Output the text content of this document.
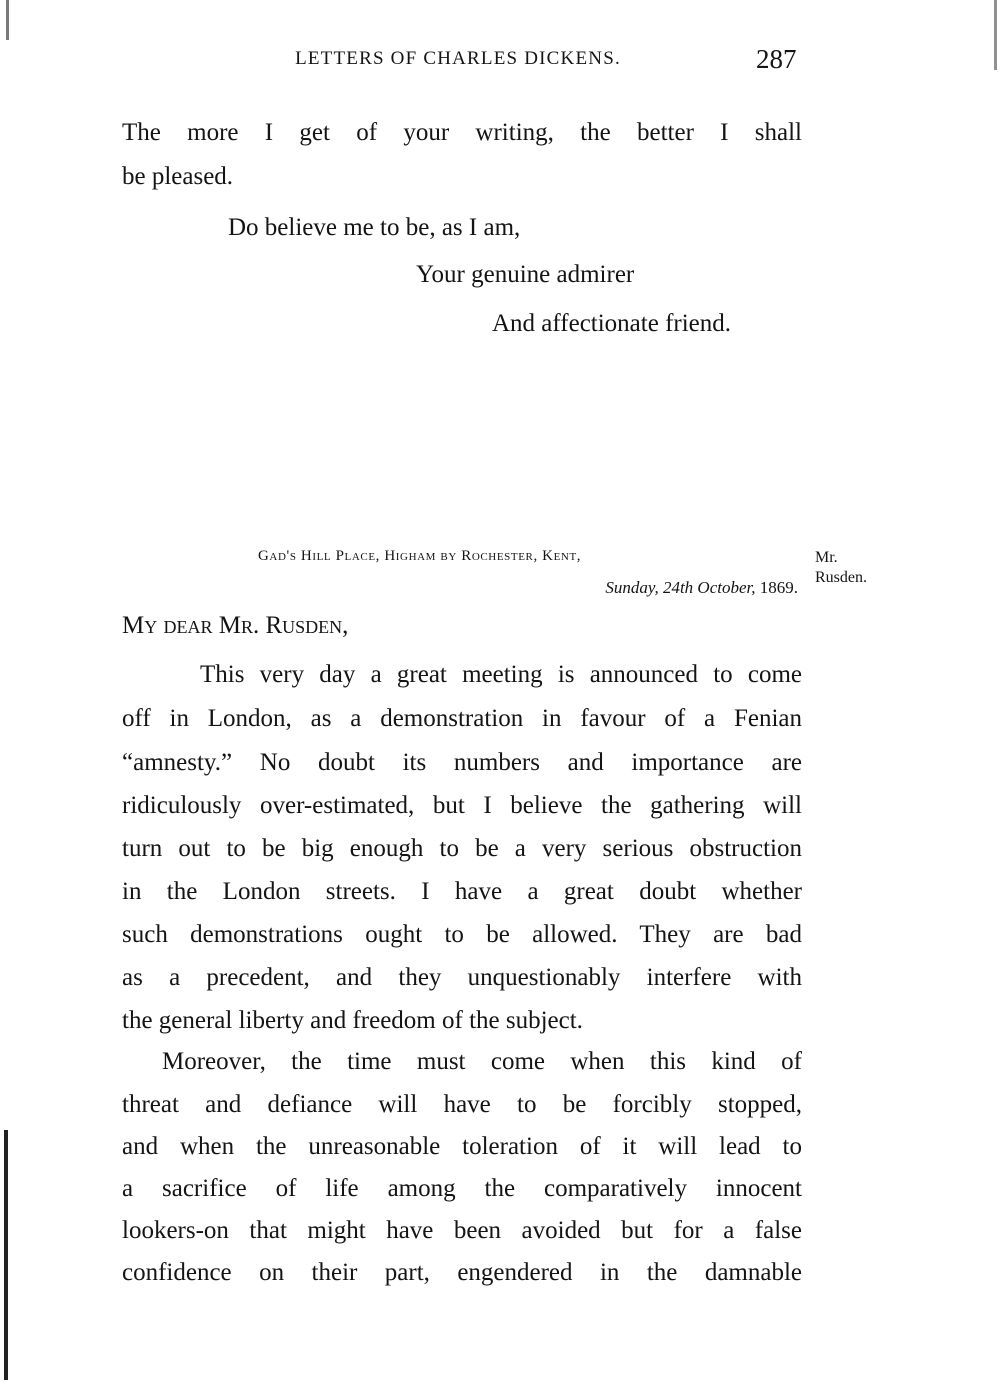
LETTERS OF CHARLES DICKENS.	287
The more I get of your writing, the better I shall
be pleased.
Do believe me to be, as I am,
Your genuine admirer
And affectionate friend.
Gad's Hill Place, Higham by Rochester, Kent,
Sunday, 24th October, 1869.
Mr.
Rusden.
My dear Mr. Rusden,
This very day a great meeting is announced to come
off in London, as a demonstration in favour of a Fenian
“amnesty.” No doubt its numbers and importance are
ridiculously over-estimated, but I believe the gathering will
turn out to be big enough to be a very serious obstruction
in the London streets. I have a great doubt whether
such demonstrations ought to be allowed. They are bad
as a precedent, and they unquestionably interfere with
the general liberty and freedom of the subject.
Moreover, the time must come when this kind of
threat and defiance will have to be forcibly stopped,
and when the unreasonable toleration of it will lead to
a sacrifice of life among the comparatively innocent
lookers-on that might have been avoided but for a false
confidence on their part, engendered in the damnable
